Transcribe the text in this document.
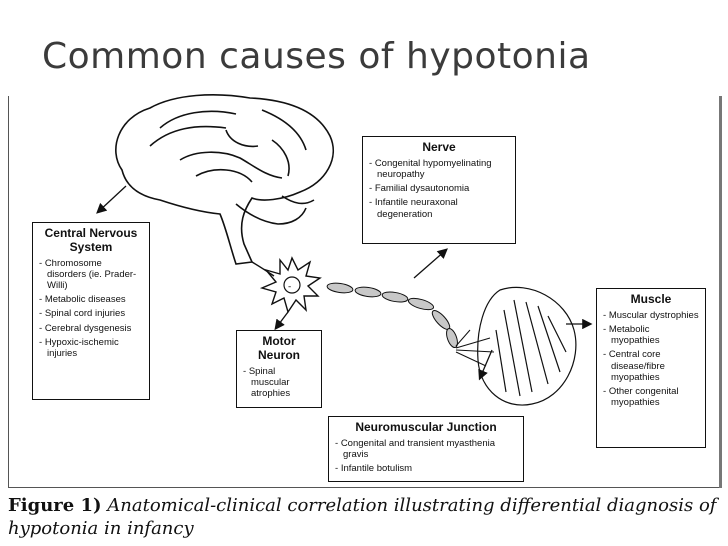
Common causes of hypotonia
-
Central Nervous System
- Chromosome disorders (ie. Prader-Willi)
- Metabolic diseases
- Spinal cord injuries
- Cerebral dysgenesis
- Hypoxic-ischemic injuries
Nerve
- Congenital hypomyelinating neuropathy
- Familial dysautonomia
- Infantile neuraxonal degeneration
Motor Neuron
- Spinal muscular atrophies
Muscle
- Muscular dystrophies
- Metabolic myopathies
- Central core disease/fibre myopathies
- Other congenital myopathies
Neuromuscular Junction
- Congenital and transient myasthenia gravis
- Infantile botulism
Figure 1) Anatomical-clinical correlation illustrating differential diagnosis of hypotonia in infancy
